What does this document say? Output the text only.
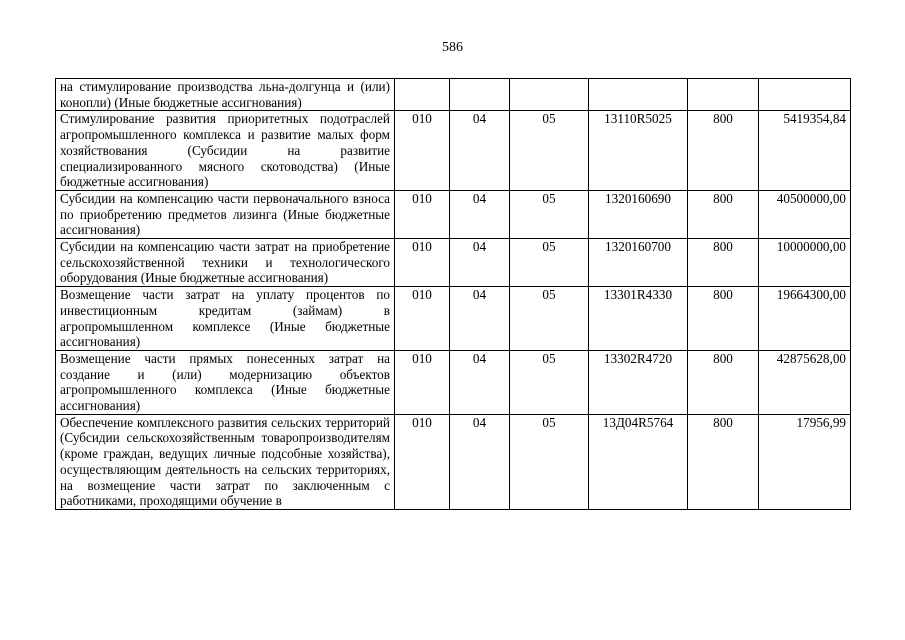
586
на стимулирование производства льна-долгунца и (или) конопли) (Иные бюджетные ассигнования)						
Стимулирование развития приоритетных подотраслей агропромышленного комплекса и развитие малых форм хозяйствования (Субсидии на развитие специализированного мясного скотоводства) (Иные бюджетные ассигнования)	010	04	05	13110R5025	800	5419354,84
Субсидии на компенсацию части первоначального взноса по приобретению предметов лизинга (Иные бюджетные ассигнования)	010	04	05	1320160690	800	40500000,00
Субсидии на компенсацию части затрат на приобретение сельскохозяйственной техники и технологического оборудования (Иные бюджетные ассигнования)	010	04	05	1320160700	800	10000000,00
Возмещение части затрат на уплату процентов по инвестиционным кредитам (займам) в агропромышленном комплексе (Иные бюджетные ассигнования)	010	04	05	13301R4330	800	19664300,00
Возмещение части прямых понесенных затрат на создание и (или) модернизацию объектов агропромышленного комплекса (Иные бюджетные ассигнования)	010	04	05	13302R4720	800	42875628,00
Обеспечение комплексного развития сельских территорий (Субсидии сельскохозяйственным товаропроизводителям (кроме граждан, ведущих личные подсобные хозяйства), осуществляющим деятельность на сельских территориях, на возмещение части затрат по заключенным с работниками, проходящими обучение в	010	04	05	13Д04R5764	800	17956,99
